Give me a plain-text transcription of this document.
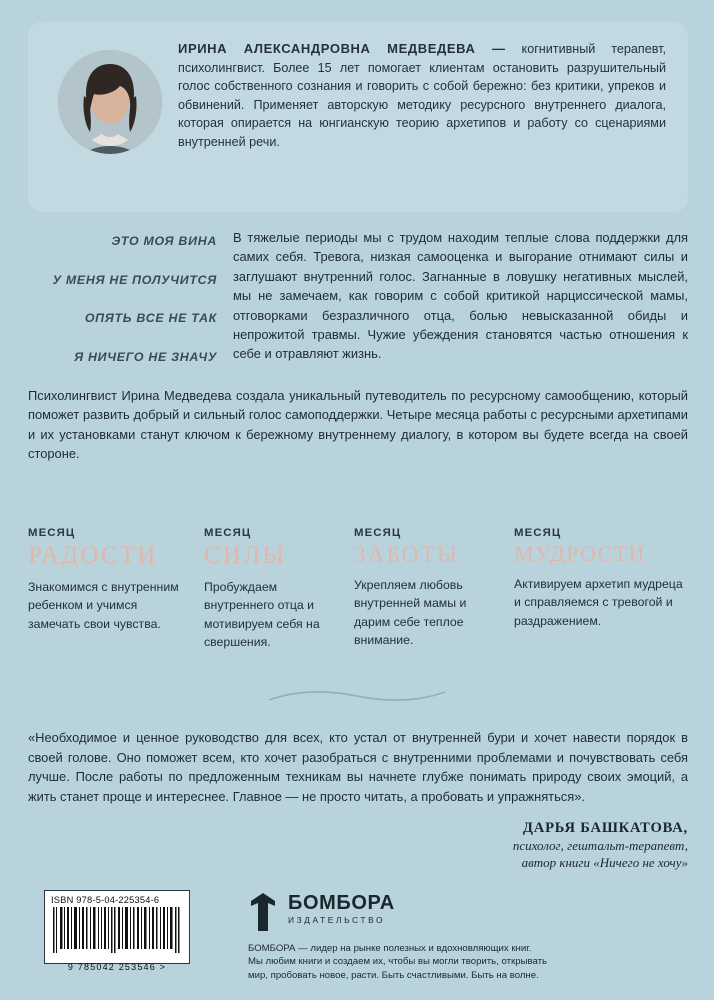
ИРИНА АЛЕКСАНДРОВНА МЕДВЕДЕВА — когнитивный терапевт, психолингвист. Более 15 лет помогает клиентам остановить разрушительный голос собственного сознания и говорить с собой бережно: без критики, упреков и обвинений. Применяет авторскую методику ресурсного внутреннего диалога, которая опирается на юнгианскую теорию архетипов и работу со сценариями внутренней речи.
ЭТО МОЯ ВИНА
У МЕНЯ НЕ ПОЛУЧИТСЯ
ОПЯТЬ ВСЕ НЕ ТАК
Я НИЧЕГО НЕ ЗНАЧУ
В тяжелые периоды мы с трудом находим теплые слова поддержки для самих себя. Тревога, низкая самооценка и выгорание отнимают силы и заглушают внутренний голос. Загнанные в ловушку негативных мыслей, мы не замечаем, как говорим с собой критикой нарциссической мамы, отговорками безразличного отца, болью невысказанной обиды и непрожитой травмы. Чужие убеждения становятся частью отношения к себе и отравляют жизнь.
Психолингвист Ирина Медведева создала уникальный путеводитель по ресурсному самообщению, который поможет развить добрый и сильный голос самоподдержки. Четыре месяца работы с ресурсными архетипами и их установками станут ключом к бережному внутреннему диалогу, в котором вы будете всегда на своей стороне.
МЕСЯЦ
РАДОСТИ
Знакомимся с внутренним ребенком и учимся замечать свои чувства.
МЕСЯЦ
СИЛЫ
Пробуждаем внутреннего отца и мотивируем себя на свершения.
МЕСЯЦ
ЗАБОТЫ
Укрепляем любовь внутренней мамы и дарим себе теплое внимание.
МЕСЯЦ
МУДРОСТИ
Активируем архетип мудреца и справляемся с тревогой и раздражением.
«Необходимое и ценное руководство для всех, кто устал от внутренней бури и хочет навести порядок в своей голове. Оно поможет всем, кто хочет разобраться с внутренними проблемами и почувствовать себя лучше. После работы по предложенным техникам вы начнете глубже понимать природу своих эмоций, а жить станет проще и интереснее. Главное — не просто читать, а пробовать и упражняться».
ДАРЬЯ БАШКАТОВА,
психолог, гештальт-терапевт,
автор книги «Ничего не хочу»
ISBN 978-5-04-225354-6
9 785042 253546 >
БОМБОРА
ИЗДАТЕЛЬСТВО
БОМБОРА — лидер на рынке полезных и вдохновляющих книг.
Мы любим книги и создаем их, чтобы вы могли творить, открывать
мир, пробовать новое, расти. Быть счастливыми. Быть на волне.
